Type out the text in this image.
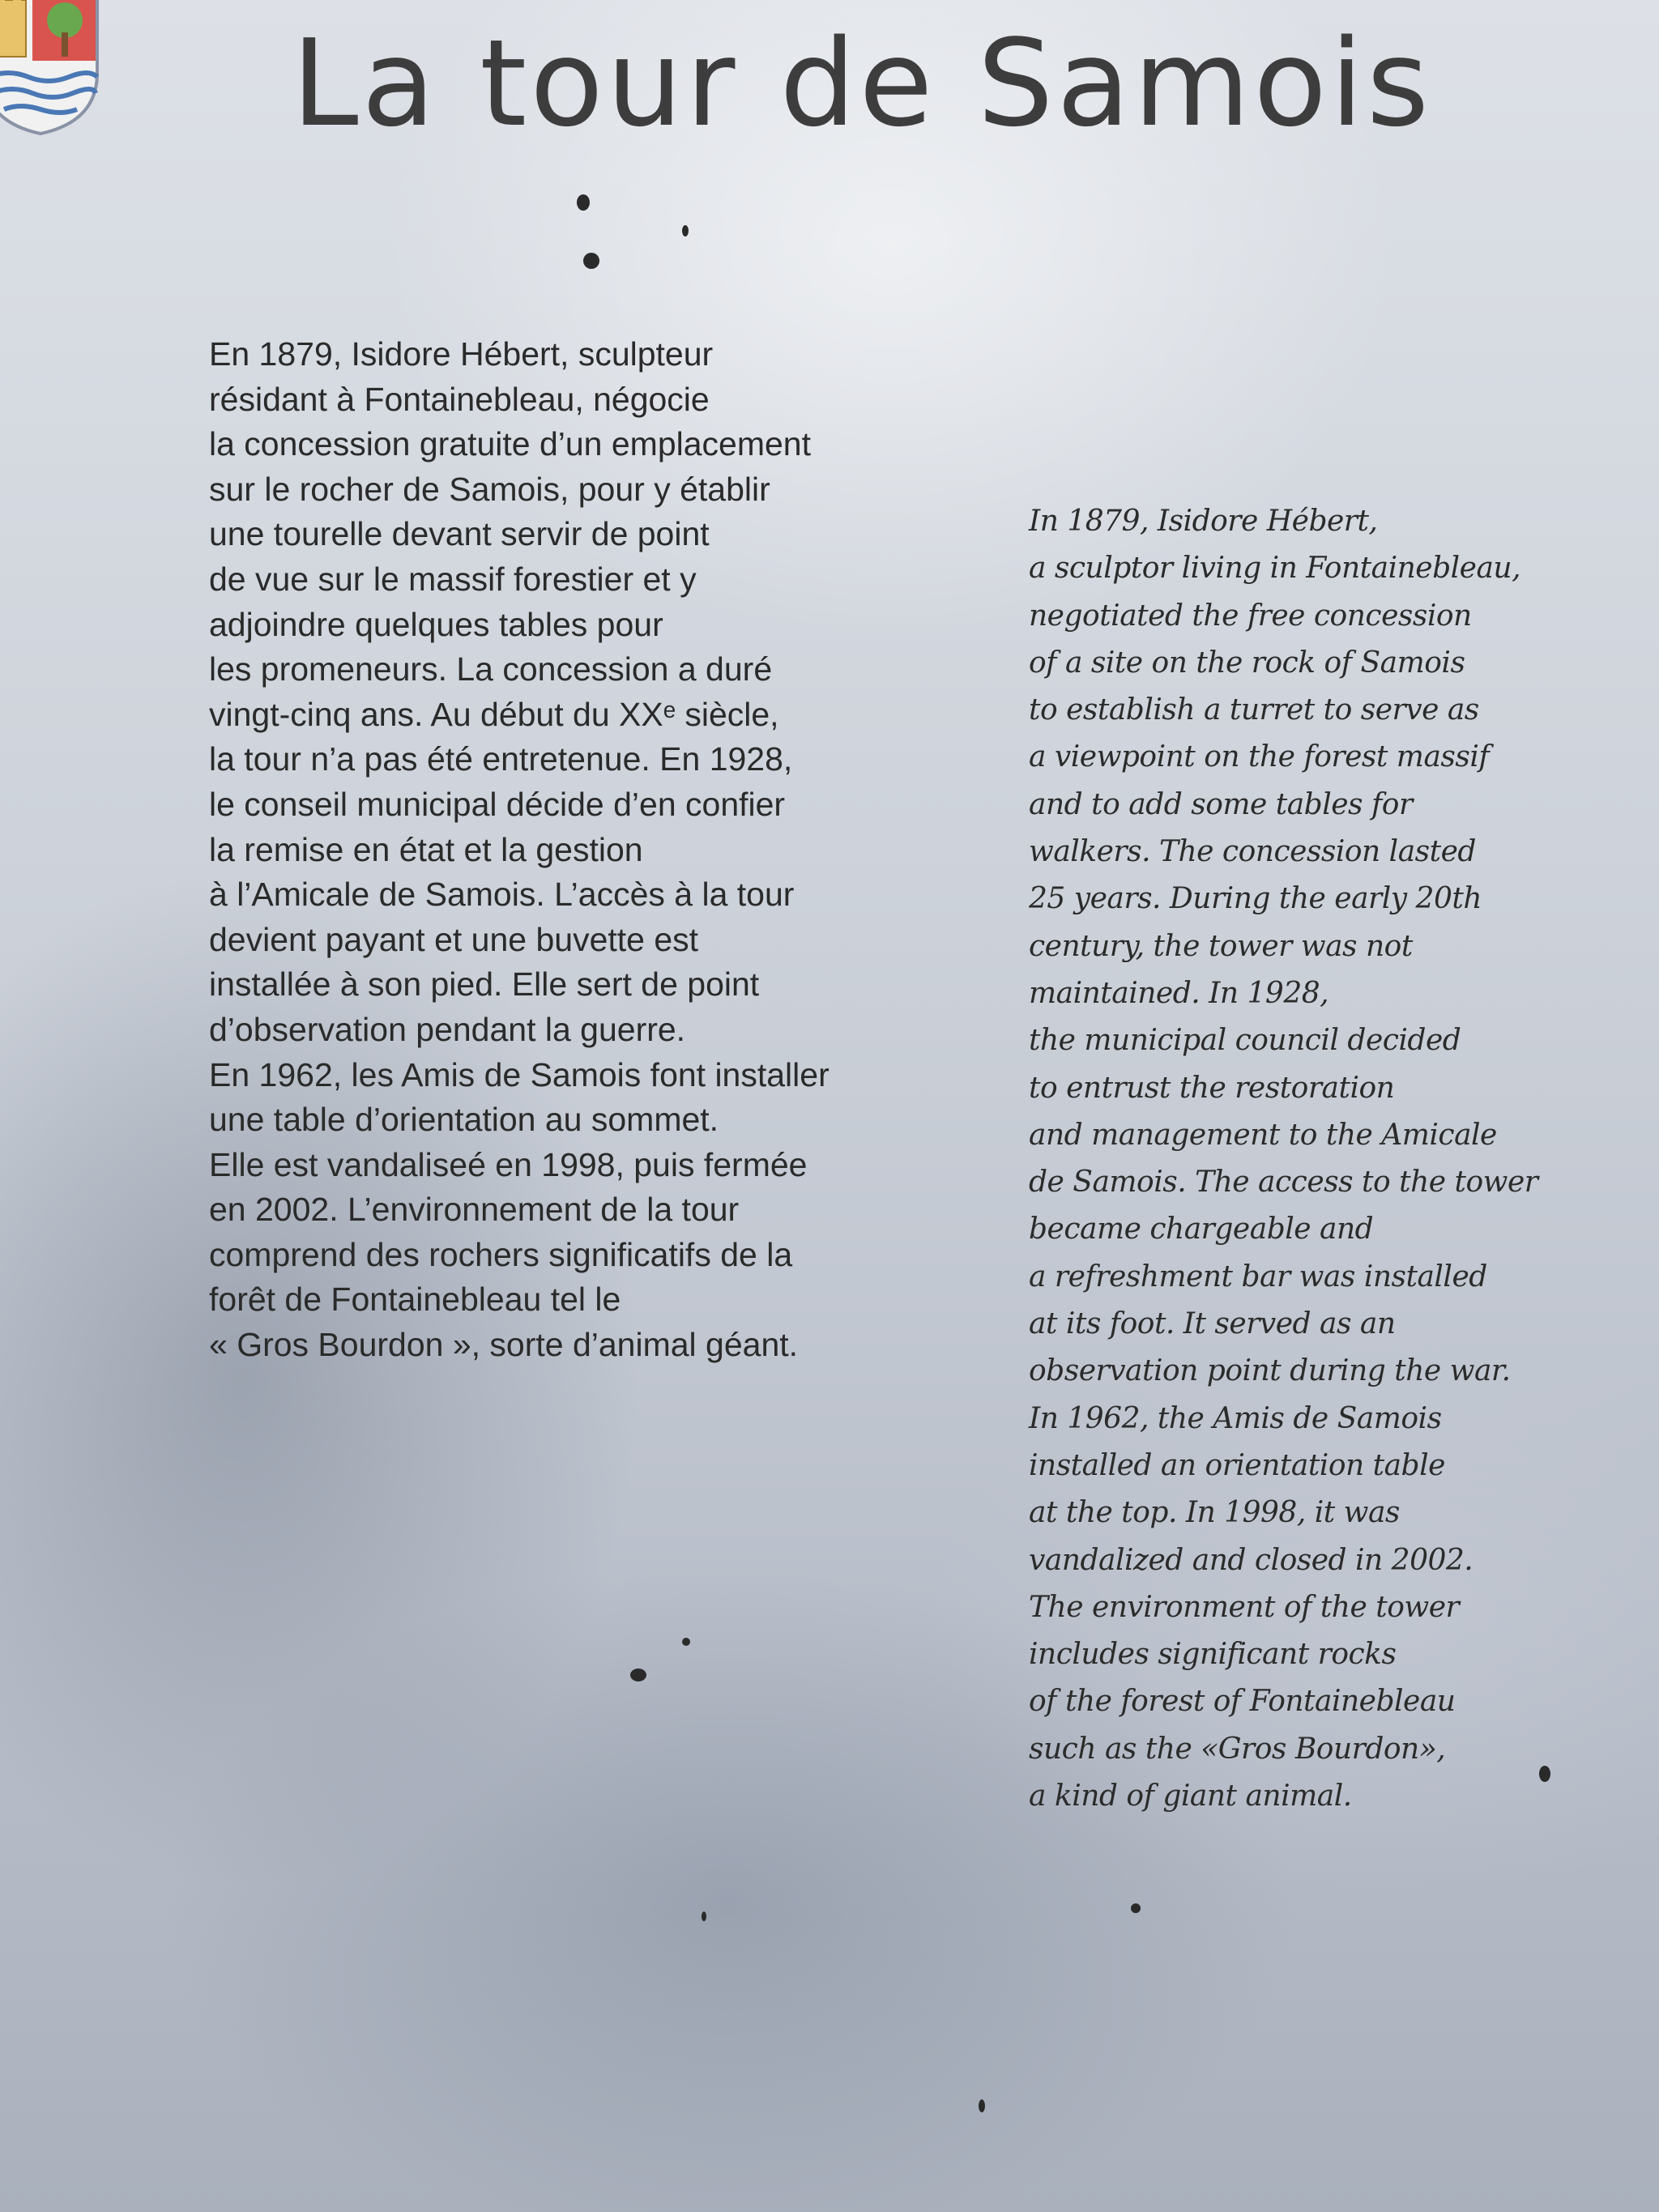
La tour de Samois
En 1879, Isidore Hébert, sculpteur
résidant à Fontainebleau, négocie
la concession gratuite d’un emplacement
sur le rocher de Samois, pour y établir
une tourelle devant servir de point
de vue sur le massif forestier et y
adjoindre quelques tables pour
les promeneurs. La concession a duré
vingt-cinq ans. Au début du XXᵉ siècle,
la tour n’a pas été entretenue. En 1928,
le conseil municipal décide d’en confier
la remise en état et la gestion
à l’Amicale de Samois. L’accès à la tour
devient payant et une buvette est
installée à son pied. Elle sert de point
d’observation pendant la guerre.
En 1962, les Amis de Samois font installer
une table d’orientation au sommet.
Elle est vandaliseé en 1998, puis fermée
en 2002. L’environnement de la tour
comprend des rochers significatifs de la
forêt de Fontainebleau tel le
« Gros Bourdon », sorte d’animal géant.
In 1879, Isidore Hébert,
a sculptor living in Fontainebleau,
negotiated the free concession
of a site on the rock of Samois
to establish a turret to serve as
a viewpoint on the forest massif
and to add some tables for
walkers. The concession lasted
25 years. During the early 20th
century, the tower was not
maintained. In 1928,
the municipal council decided
to entrust the restoration
and management to the Amicale
de Samois. The access to the tower
became chargeable and
a refreshment bar was installed
at its foot. It served as an
observation point during the war.
In 1962, the Amis de Samois
installed an orientation table
at the top. In 1998, it was
vandalized and closed in 2002.
The environment of the tower
includes significant rocks
of the forest of Fontainebleau
such as the «Gros Bourdon»,
a kind of giant animal.
